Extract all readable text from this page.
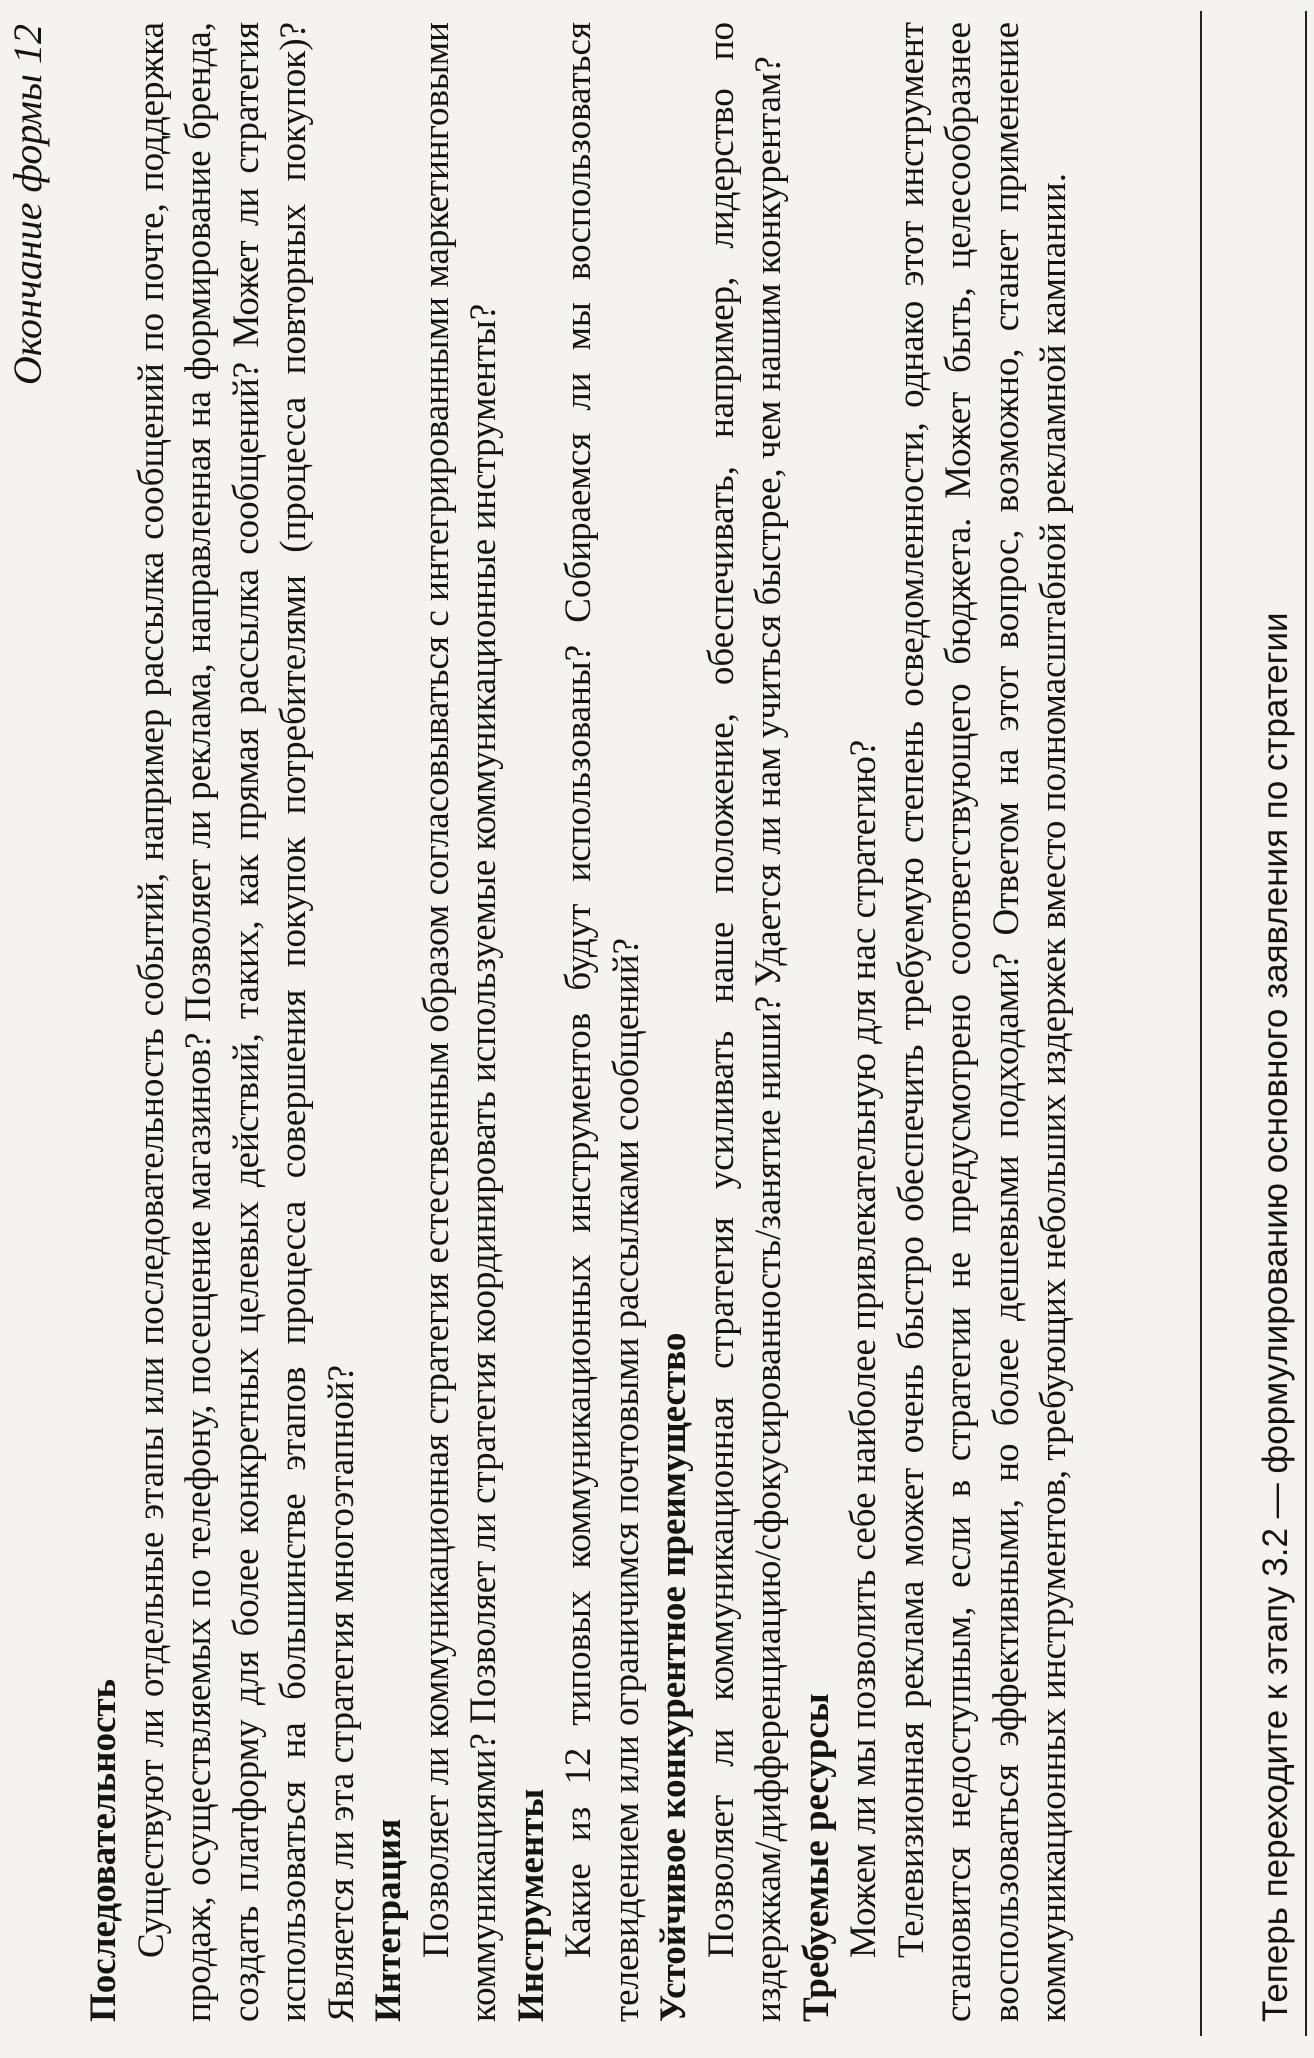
Окончание формы 12
Последовательность Существуют ли отдельные этапы или последовательность событий, например рассылка сообщений по почте, поддержка продаж, осуществляемых по телефону, посещение магазинов? Позволяет ли реклама, направленная на формирование бренда, создать платформу для более конкретных целевых действий, таких, как прямая рассылка сообщений? Может ли стратегия использоваться на большинстве этапов процесса совершения покупок потребителями (процесса повторных покупок)? Является ли эта стратегия многоэтапной? Интеграция Позволяет ли коммуникационная стратегия естественным образом согласовываться с интегрированными маркетинговыми коммуникациями? Позволяет ли стратегия координировать используемые коммуникационные инструменты? Инструменты Какие из 12 типовых коммуникационных инструментов будут использованы? Собираемся ли мы воспользоваться телевидением или ограничимся почтовыми рассылками сообщений? Устойчивое конкурентное преимущество Позволяет ли коммуникационная стратегия усиливать наше положение, обеспечивать, например, лидерство по издержкам/дифференциацию/сфокусированность/занятие ниши? Удается ли нам учиться быстрее, чем нашим конкурентам? Требуемые ресурсы Можем ли мы позволить себе наиболее привлекательную для нас стратегию? Телевизионная реклама может очень быстро обеспечить требуемую степень осведомленности, однако этот инструмент становится недоступным, если в стратегии не предусмотрено соответствующего бюджета. Может быть, целесообразнее воспользоваться эффективными, но более дешевыми подходами? Ответом на этот вопрос, возможно, станет применение коммуникационных инструментов, требующих небольших издержек вместо полномасштабной рекламной кампании.	Теперь переходите к этапу 3.2 — формулированию основного заявления по стратегии
